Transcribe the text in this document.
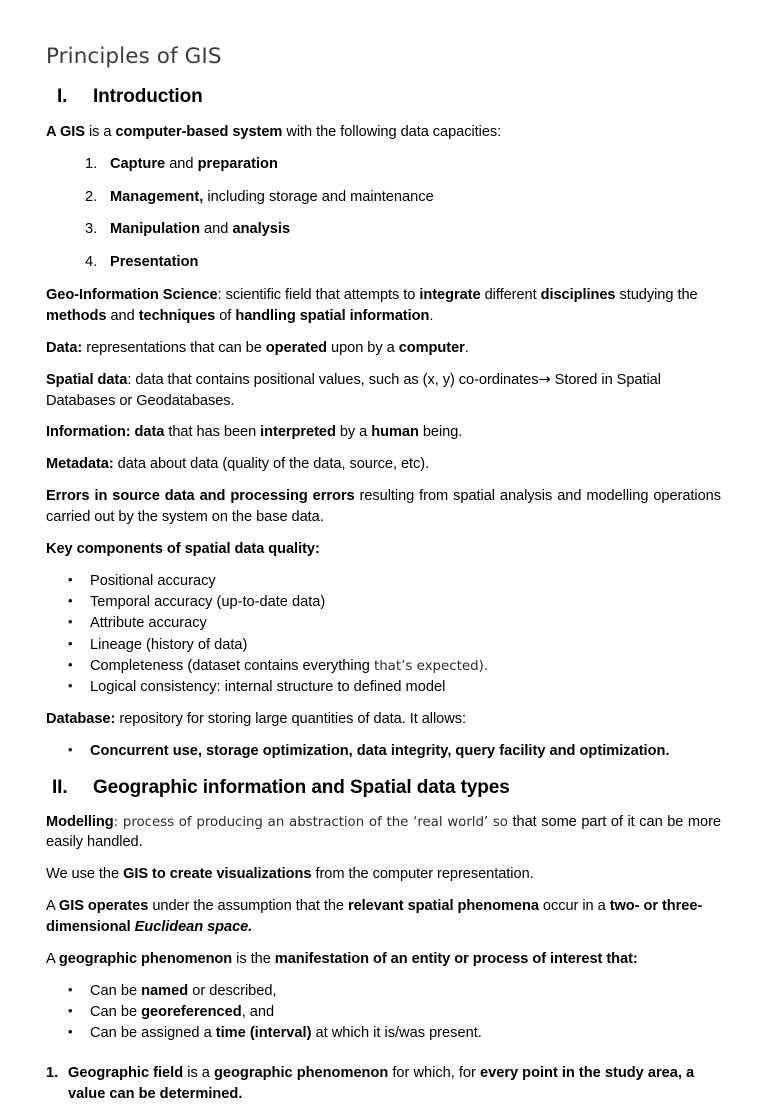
Principles of GIS
I.	Introduction

A GIS is a computer-based system with the following data capacities:

1. Capture and preparation
2. Management, including storage and maintenance
3. Manipulation and analysis
4. Presentation

Geo-Information Science: scientific field that attempts to integrate different disciplines studying the methods and techniques of handling spatial information.

Data: representations that can be operated upon by a computer.

Spatial data: data that contains positional values, such as (x, y) co-ordinates→ Stored in Spatial Databases or Geodatabases.

Information: data that has been interpreted by a human being.

Metadata: data about data (quality of the data, source, etc).

Errors in source data and processing errors resulting from spatial analysis and modelling operations carried out by the system on the base data.

Key components of spatial data quality:

•	Positional accuracy
•	Temporal accuracy (up-to-date data)
•	Attribute accuracy
•	Lineage (history of data)
•	Completeness (dataset contains everything that’s expected).
•	Logical consistency: internal structure to defined model

Database: repository for storing large quantities of data. It allows:

•	Concurrent use, storage optimization, data integrity, query facility and optimization.
II.	Geographic information and Spatial data types

Modelling: process of producing an abstraction of the ‘real world’ so that some part of it can be more easily handled.

We use the GIS to create visualizations from the computer representation.

A GIS operates under the assumption that the relevant spatial phenomena occur in a two- or three-dimensional Euclidean space.

A geographic phenomenon is the manifestation of an entity or process of interest that:

•	Can be named or described,
•	Can be georeferenced, and
•	Can be assigned a time (interval) at which it is/was present.
1. Geographic field is a geographic phenomenon for which, for every point in the study area, a value can be determined.
